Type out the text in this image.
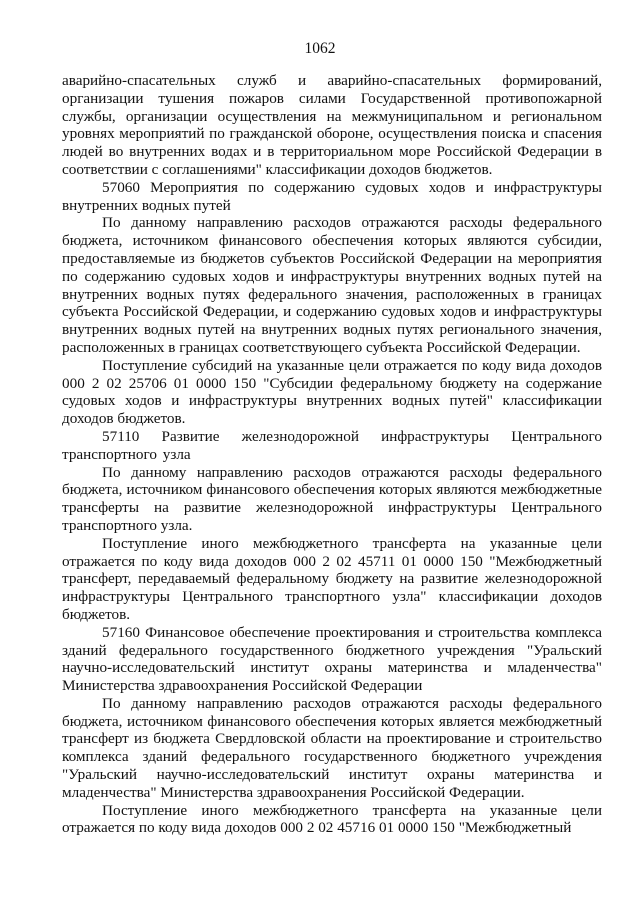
1062

аварийно-спасательных служб и аварийно-спасательных формирований, организации тушения пожаров силами Государственной противопожарной службы, организации осуществления на межмуниципальном и региональном уровнях мероприятий по гражданской обороне, осуществления поиска и спасения людей во внутренних водах и в территориальном море Российской Федерации в соответствии с соглашениями" классификации доходов бюджетов.

57060 Мероприятия по содержанию судовых ходов и инфраструктуры внутренних водных путей

По данному направлению расходов отражаются расходы федерального бюджета, источником финансового обеспечения которых являются субсидии, предоставляемые из бюджетов субъектов Российской Федерации на мероприятия по содержанию судовых ходов и инфраструктуры внутренних водных путей на внутренних водных путях федерального значения, расположенных в границах субъекта Российской Федерации, и содержанию судовых ходов и инфраструктуры внутренних водных путей на внутренних водных путях регионального значения, расположенных в границах соответствующего субъекта Российской Федерации.

Поступление субсидий на указанные цели отражается по коду вида доходов 000 2 02 25706 01 0000 150 "Субсидии федеральному бюджету на содержание судовых ходов и инфраструктуры внутренних водных путей" классификации доходов бюджетов.

57110 Развитие железнодорожной инфраструктуры Центрального транспортного узла

По данному направлению расходов отражаются расходы федерального бюджета, источником финансового обеспечения которых являются межбюджетные трансферты на развитие железнодорожной инфраструктуры Центрального транспортного узла.

Поступление иного межбюджетного трансферта на указанные цели отражается по коду вида доходов 000 2 02 45711 01 0000 150 "Межбюджетный трансферт, передаваемый федеральному бюджету на развитие железнодорожной инфраструктуры Центрального транспортного узла" классификации доходов бюджетов.

57160 Финансовое обеспечение проектирования и строительства комплекса зданий федерального государственного бюджетного учреждения "Уральский научно-исследовательский институт охраны материнства и младенчества" Министерства здравоохранения Российской Федерации

По данному направлению расходов отражаются расходы федерального бюджета, источником финансового обеспечения которых является межбюджетный трансферт из бюджета Свердловской области на проектирование и строительство комплекса зданий федерального государственного бюджетного учреждения "Уральский научно-исследовательский институт охраны материнства и младенчества" Министерства здравоохранения Российской Федерации.

Поступление иного межбюджетного трансферта на указанные цели отражается по коду вида доходов 000 2 02 45716 01 0000 150 "Межбюджетный
